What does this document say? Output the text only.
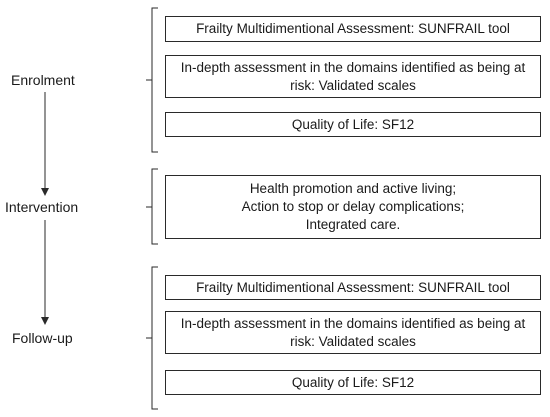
Enrolment
Intervention
Follow-up
Frailty Multidimentional Assessment: SUNFRAIL tool
In-depth assessment in the domains identified as being at risk: Validated scales
Quality of Life: SF12
Health promotion and active living;
Action to stop or delay complications;
Integrated care.
Frailty Multidimentional Assessment: SUNFRAIL tool
In-depth assessment in the domains identified as being at risk: Validated scales
Quality of Life: SF12
